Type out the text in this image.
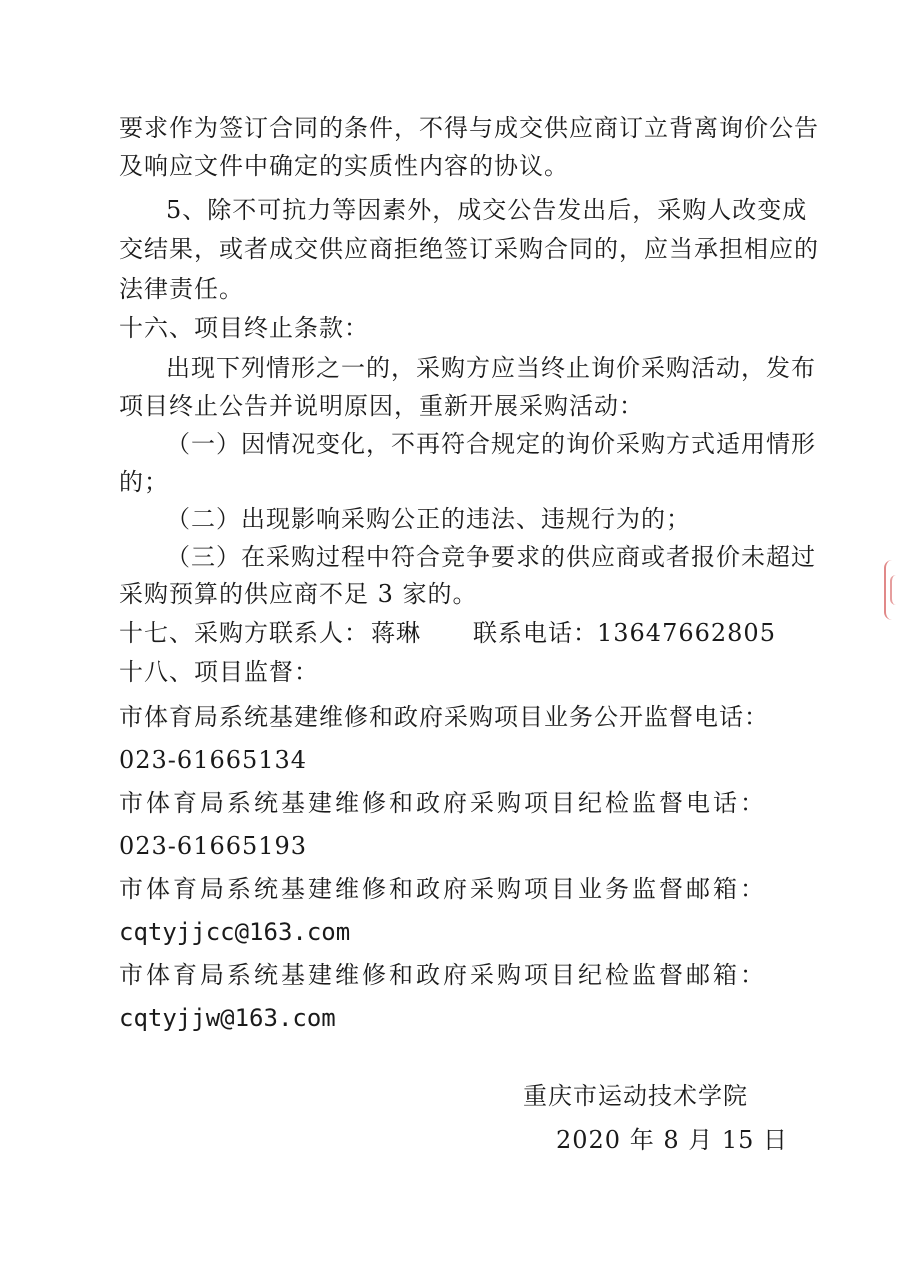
要求作为签订合同的条件，不得与成交供应商订立背离询价公告

及响应文件中确定的实质性内容的协议。

5、除不可抗力等因素外，成交公告发出后，采购人改变成

交结果，或者成交供应商拒绝签订采购合同的，应当承担相应的

法律责任。

十六、项目终止条款：

出现下列情形之一的，采购方应当终止询价采购活动，发布

项目终止公告并说明原因，重新开展采购活动：

（一）因情况变化，不再符合规定的询价采购方式适用情形

的；

（二）出现影响采购公正的违法、违规行为的；

（三）在采购过程中符合竞争要求的供应商或者报价未超过

采购预算的供应商不足 3 家的。

十七、采购方联系人： 蒋琳 联系电话： 13647662805

十八、项目监督：

市体育局系统基建维修和政府采购项目业务公开监督电话：

023-61665134

市体育局系统基建维修和政府采购项目纪检监督电话：

023-61665193

市体育局系统基建维修和政府采购项目业务监督邮箱：

cqtyjjcc@163.com

市体育局系统基建维修和政府采购项目纪检监督邮箱：

cqtyjjw@163.com

重庆市运动技术学院

2020 年 8 月 15 日
